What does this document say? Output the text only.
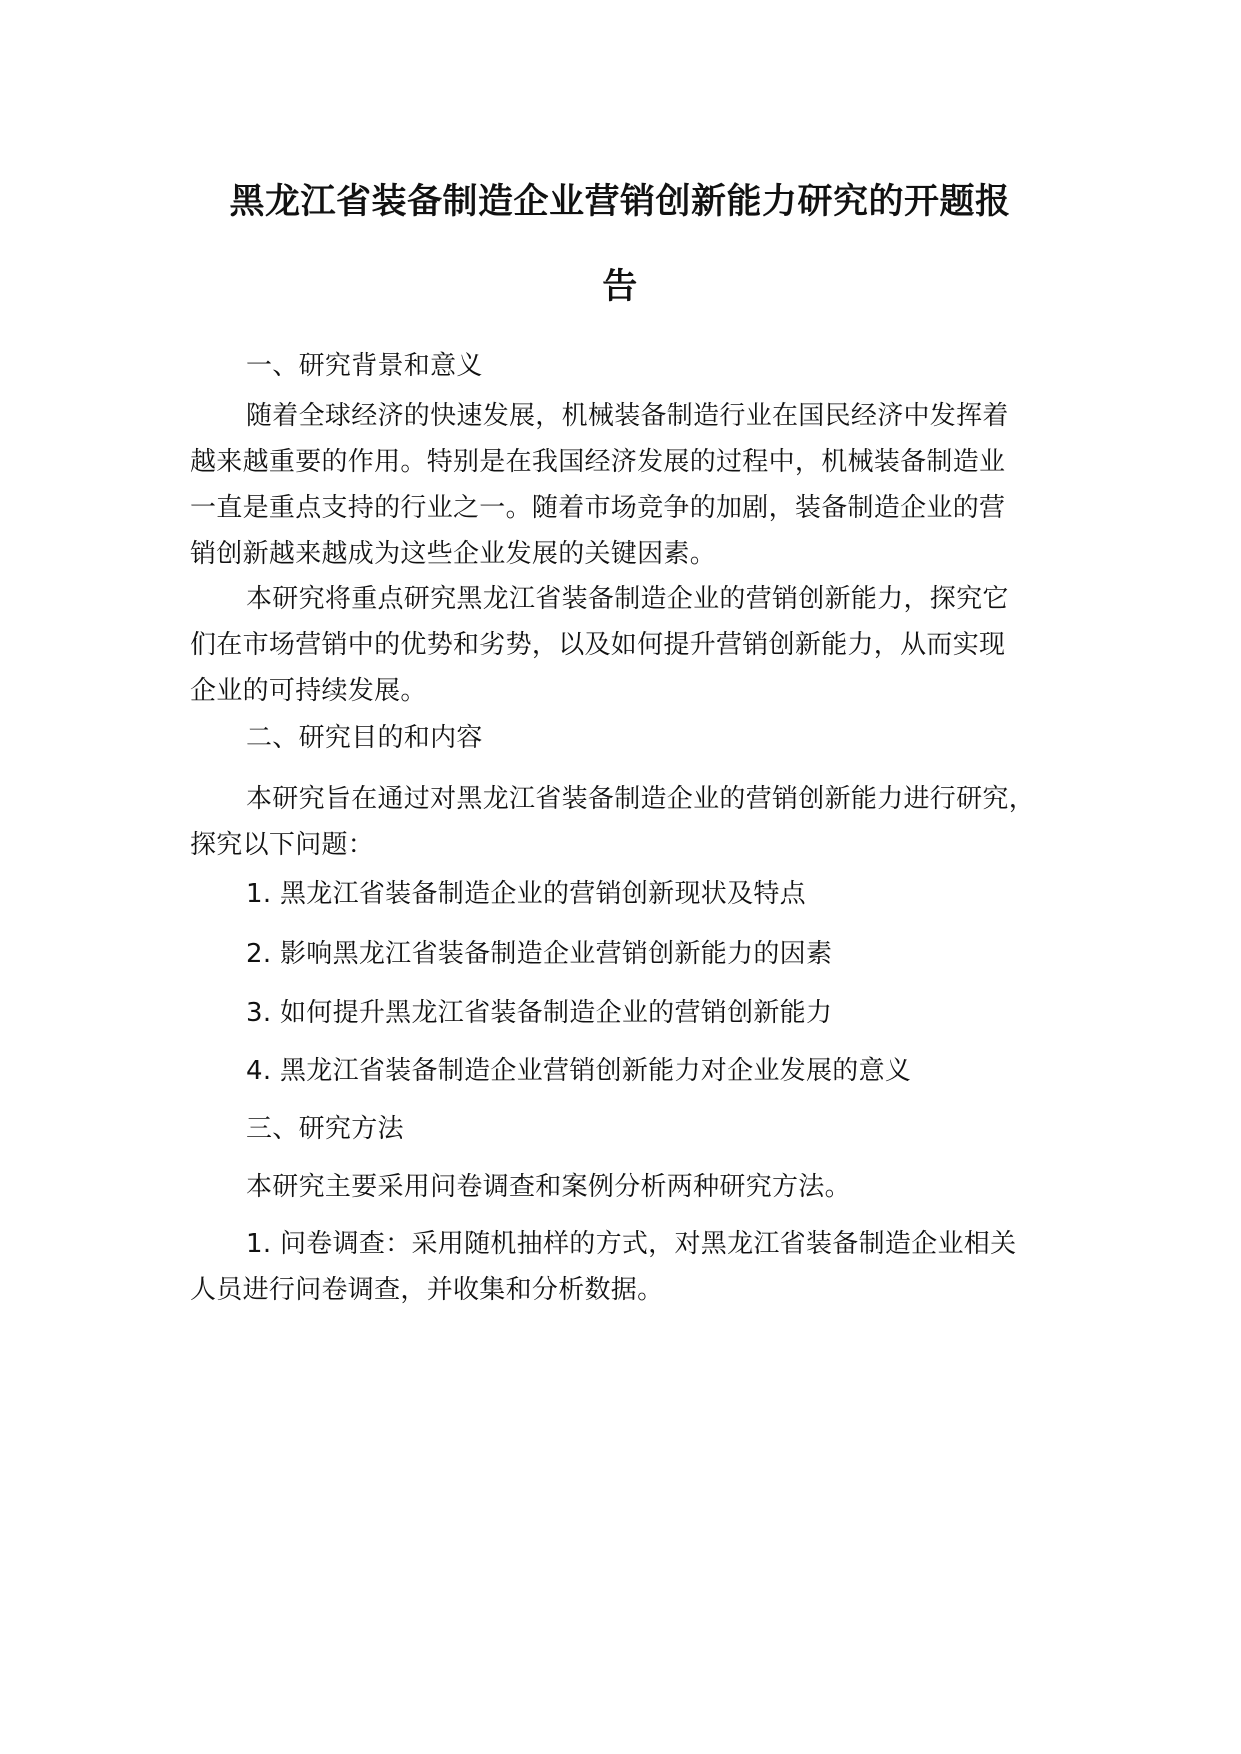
黑龙江省装备制造企业营销创新能力研究的开题报
告

一、研究背景和意义

随着全球经济的快速发展，机械装备制造行业在国民经济中发挥着
越来越重要的作用。特别是在我国经济发展的过程中，机械装备制造业
一直是重点支持的行业之一。随着市场竞争的加剧，装备制造企业的营
销创新越来越成为这些企业发展的关键因素。

本研究将重点研究黑龙江省装备制造企业的营销创新能力，探究它
们在市场营销中的优势和劣势，以及如何提升营销创新能力，从而实现
企业的可持续发展。

二、研究目的和内容

本研究旨在通过对黑龙江省装备制造企业的营销创新能力进行研究，
探究以下问题：

1. 黑龙江省装备制造企业的营销创新现状及特点

2. 影响黑龙江省装备制造企业营销创新能力的因素

3. 如何提升黑龙江省装备制造企业的营销创新能力

4. 黑龙江省装备制造企业营销创新能力对企业发展的意义

三、研究方法

本研究主要采用问卷调查和案例分析两种研究方法。

1. 问卷调查：采用随机抽样的方式，对黑龙江省装备制造企业相关
人员进行问卷调查，并收集和分析数据。
